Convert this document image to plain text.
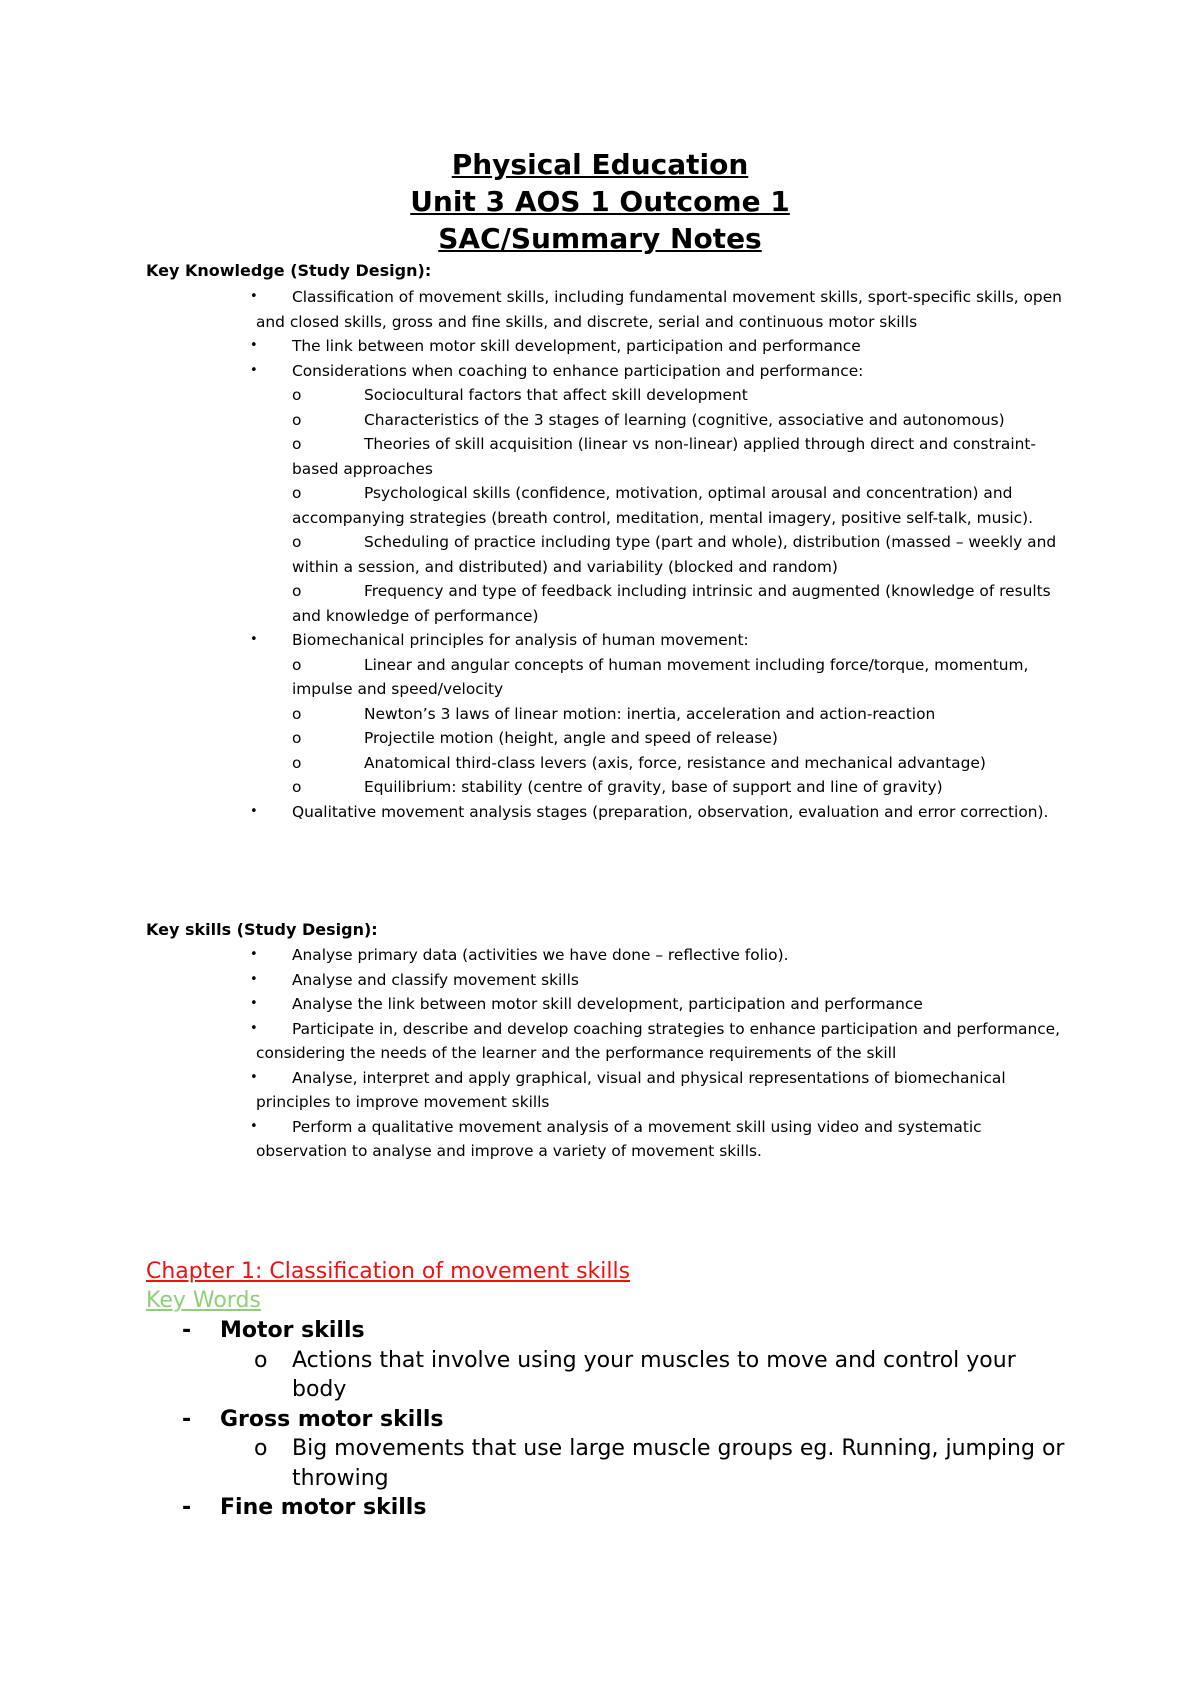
Physical Education
Unit 3 AOS 1 Outcome 1
SAC/Summary Notes
Key Knowledge (Study Design):
•	Classification of movement skills, including fundamental movement skills, sport-specific skills, open and closed skills, gross and fine skills, and discrete, serial and continuous motor skills
•	The link between motor skill development, participation and performance
•	Considerations when coaching to enhance participation and performance:
o	Sociocultural factors that affect skill development
o	Characteristics of the 3 stages of learning (cognitive, associative and autonomous)
o	Theories of skill acquisition (linear vs non-linear) applied through direct and constraint-based approaches
o	Psychological skills (confidence, motivation, optimal arousal and concentration) and accompanying strategies (breath control, meditation, mental imagery, positive self-talk, music).
o	Scheduling of practice including type (part and whole), distribution (massed – weekly and within a session, and distributed) and variability (blocked and random)
o	Frequency and type of feedback including intrinsic and augmented (knowledge of results and knowledge of performance)
•	Biomechanical principles for analysis of human movement:
o	Linear and angular concepts of human movement including force/torque, momentum, impulse and speed/velocity
o	Newton’s 3 laws of linear motion: inertia, acceleration and action-reaction
o	Projectile motion (height, angle and speed of release)
o	Anatomical third-class levers (axis, force, resistance and mechanical advantage)
o	Equilibrium: stability (centre of gravity, base of support and line of gravity)
•	Qualitative movement analysis stages (preparation, observation, evaluation and error correction).
Key skills (Study Design):
•	Analyse primary data (activities we have done – reflective folio).
•	Analyse and classify movement skills
•	Analyse the link between motor skill development, participation and performance
•	Participate in, describe and develop coaching strategies to enhance participation and performance, considering the needs of the learner and the performance requirements of the skill
•	Analyse, interpret and apply graphical, visual and physical representations of biomechanical principles to improve movement skills
•	Perform a qualitative movement analysis of a movement skill using video and systematic observation to analyse and improve a variety of movement skills.
Chapter 1: Classification of movement skills
Key Words
-	Motor skills
o	Actions that involve using your muscles to move and control your body
-	Gross motor skills
o	Big movements that use large muscle groups eg. Running, jumping or throwing
-	Fine motor skills
